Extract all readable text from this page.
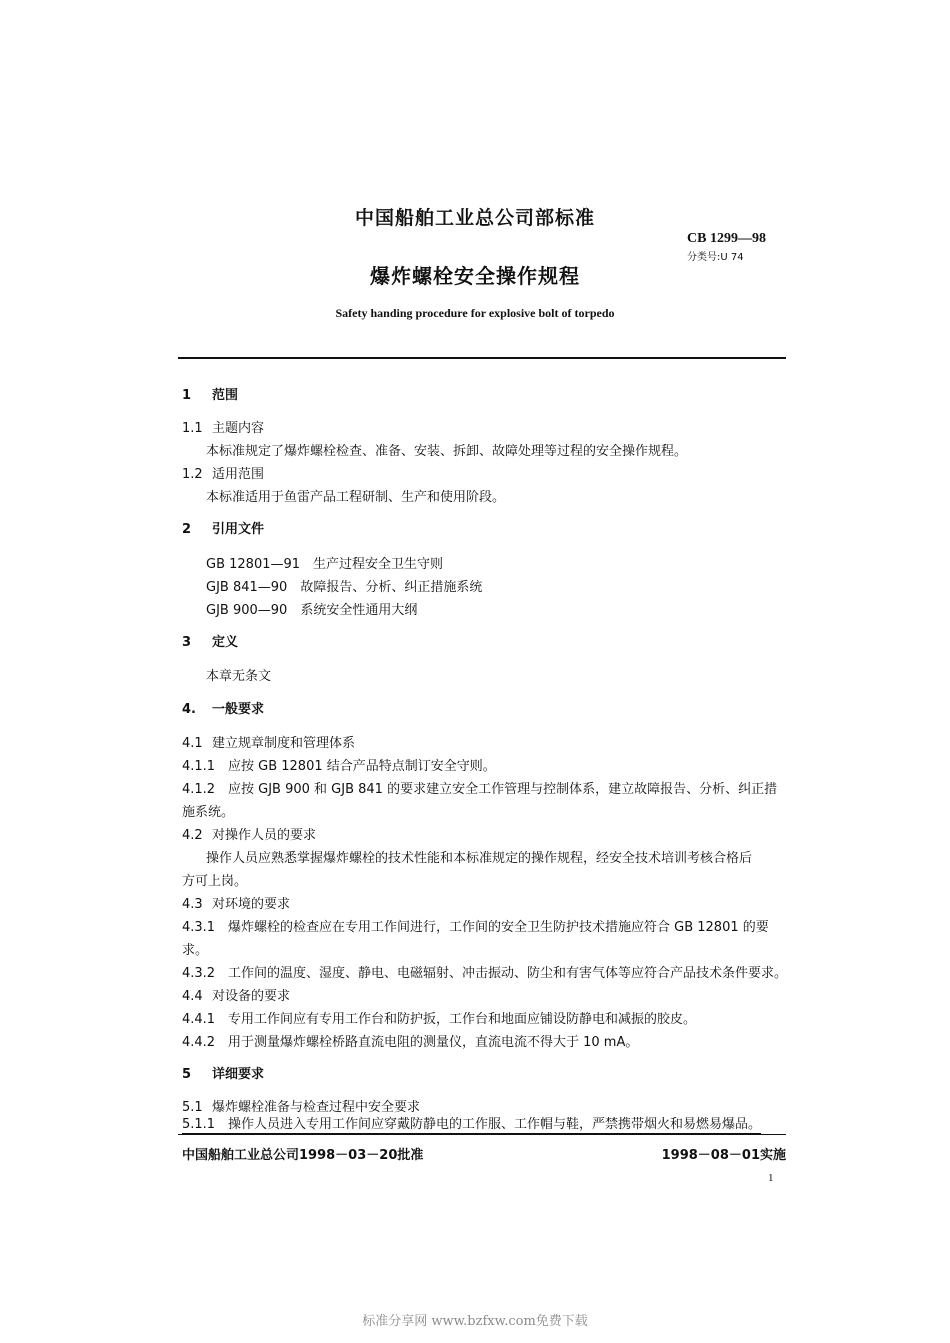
中国船舶工业总公司部标准
CB 1299—98
分类号:U 74
爆炸螺栓安全操作规程
Safety handing procedure for explosive bolt of torpedo
1 范围
1.1 主题内容
本标准规定了爆炸螺栓检查、准备、安装、拆卸、故障处理等过程的安全操作规程。
1.2 适用范围
本标准适用于鱼雷产品工程研制、生产和使用阶段。
2 引用文件
GB 12801—91　生产过程安全卫生守则
GJB 841—90　故障报告、分析、纠正措施系统
GJB 900—90　系统安全性通用大纲
3 定义
本章无条文
4. 一般要求
4.1 建立规章制度和管理体系
4.1.1 应按 GB 12801 结合产品特点制订安全守则。
4.1.2 应按 GJB 900 和 GJB 841 的要求建立安全工作管理与控制体系，建立故障报告、分析、纠正措
施系统。
4.2 对操作人员的要求
操作人员应熟悉掌握爆炸螺栓的技术性能和本标准规定的操作规程，经安全技术培训考核合格后
方可上岗。
4.3 对环境的要求
4.3.1 爆炸螺栓的检查应在专用工作间进行，工作间的安全卫生防护技术措施应符合 GB 12801 的要
求。
4.3.2 工作间的温度、湿度、静电、电磁辐射、冲击振动、防尘和有害气体等应符合产品技术条件要求。
4.4 对设备的要求
4.4.1 专用工作间应有专用工作台和防护扳，工作台和地面应铺设防静电和减振的胶皮。
4.4.2 用于测量爆炸螺栓桥路直流电阻的测量仪，直流电流不得大于 10 mA。
5 详细要求
5.1 爆炸螺栓准备与检查过程中安全要求
5.1.1 操作人员进入专用工作间应穿戴防静电的工作服、工作帽与鞋，严禁携带烟火和易燃易爆品。
中国船舶工业总公司1998－03－20批准	1998－08－01实施
1
标准分享网 www.bzfxw.com免费下载
